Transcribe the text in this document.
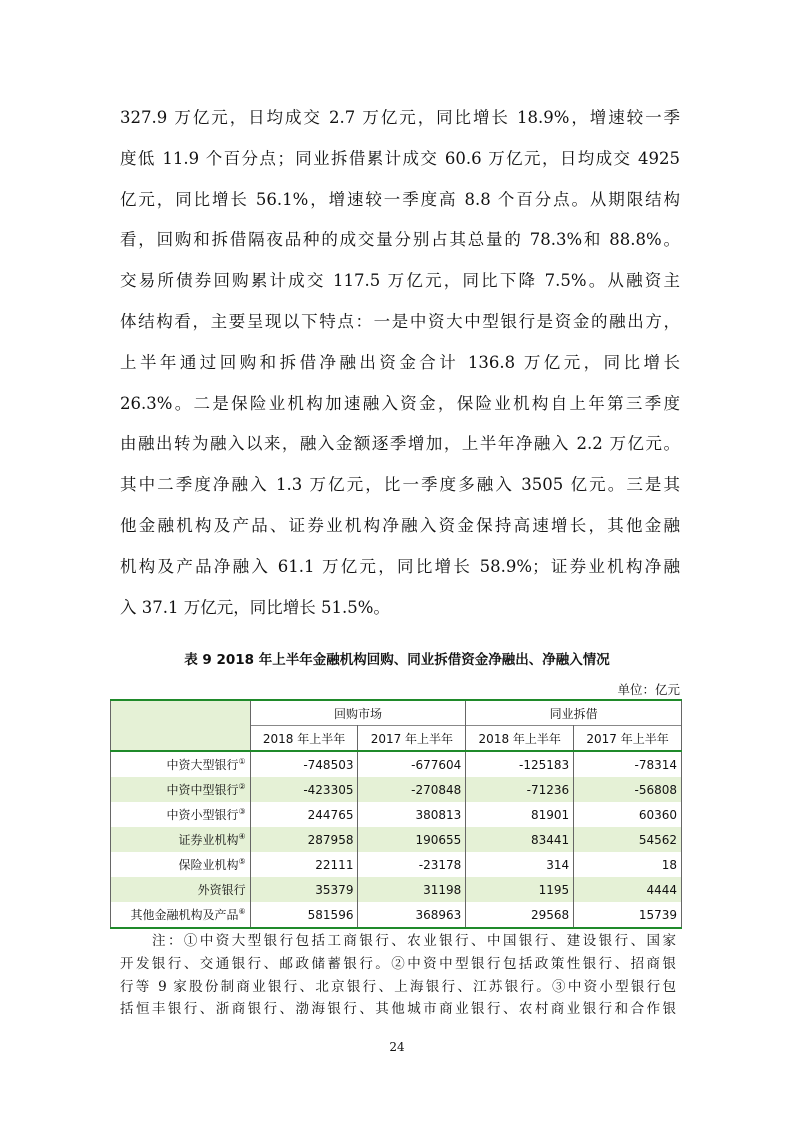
327.9 万亿元，日均成交 2.7 万亿元，同比增长 18.9%，增速较一季
度低 11.9 个百分点；同业拆借累计成交 60.6 万亿元，日均成交 4925
亿元，同比增长 56.1%，增速较一季度高 8.8 个百分点。从期限结构
看，回购和拆借隔夜品种的成交量分别占其总量的 78.3%和 88.8%。
交易所债券回购累计成交 117.5 万亿元，同比下降 7.5%。从融资主
体结构看，主要呈现以下特点：一是中资大中型银行是资金的融出方，
上半年通过回购和拆借净融出资金合计 136.8 万亿元，同比增长
26.3%。二是保险业机构加速融入资金，保险业机构自上年第三季度
由融出转为融入以来，融入金额逐季增加，上半年净融入 2.2 万亿元。
其中二季度净融入 1.3 万亿元，比一季度多融入 3505 亿元。三是其
他金融机构及产品、证券业机构净融入资金保持高速增长，其他金融
机构及产品净融入 61.1 万亿元，同比增长 58.9%；证券业机构净融
入 37.1 万亿元，同比增长 51.5%。
表 9 2018 年上半年金融机构回购、同业拆借资金净融出、净融入情况
单位：亿元
	回购市场		同业拆借	
	2018 年上半年	2017 年上半年	2018 年上半年	2017 年上半年
中资大型银行①	-748503	-677604	-125183	-78314
中资中型银行②	-423305	-270848	-71236	-56808
中资小型银行③	244765	380813	81901	60360
证券业机构④	287958	190655	83441	54562
保险业机构⑤	22111	-23178	314	18
外资银行	35379	31198	1195	4444
其他金融机构及产品⑥	581596	368963	29568	15739
注：①中资大型银行包括工商银行、农业银行、中国银行、建设银行、国家
开发银行、交通银行、邮政储蓄银行。②中资中型银行包括政策性银行、招商银
行等 9 家股份制商业银行、北京银行、上海银行、江苏银行。③中资小型银行包
括恒丰银行、浙商银行、渤海银行、其他城市商业银行、农村商业银行和合作银
24
